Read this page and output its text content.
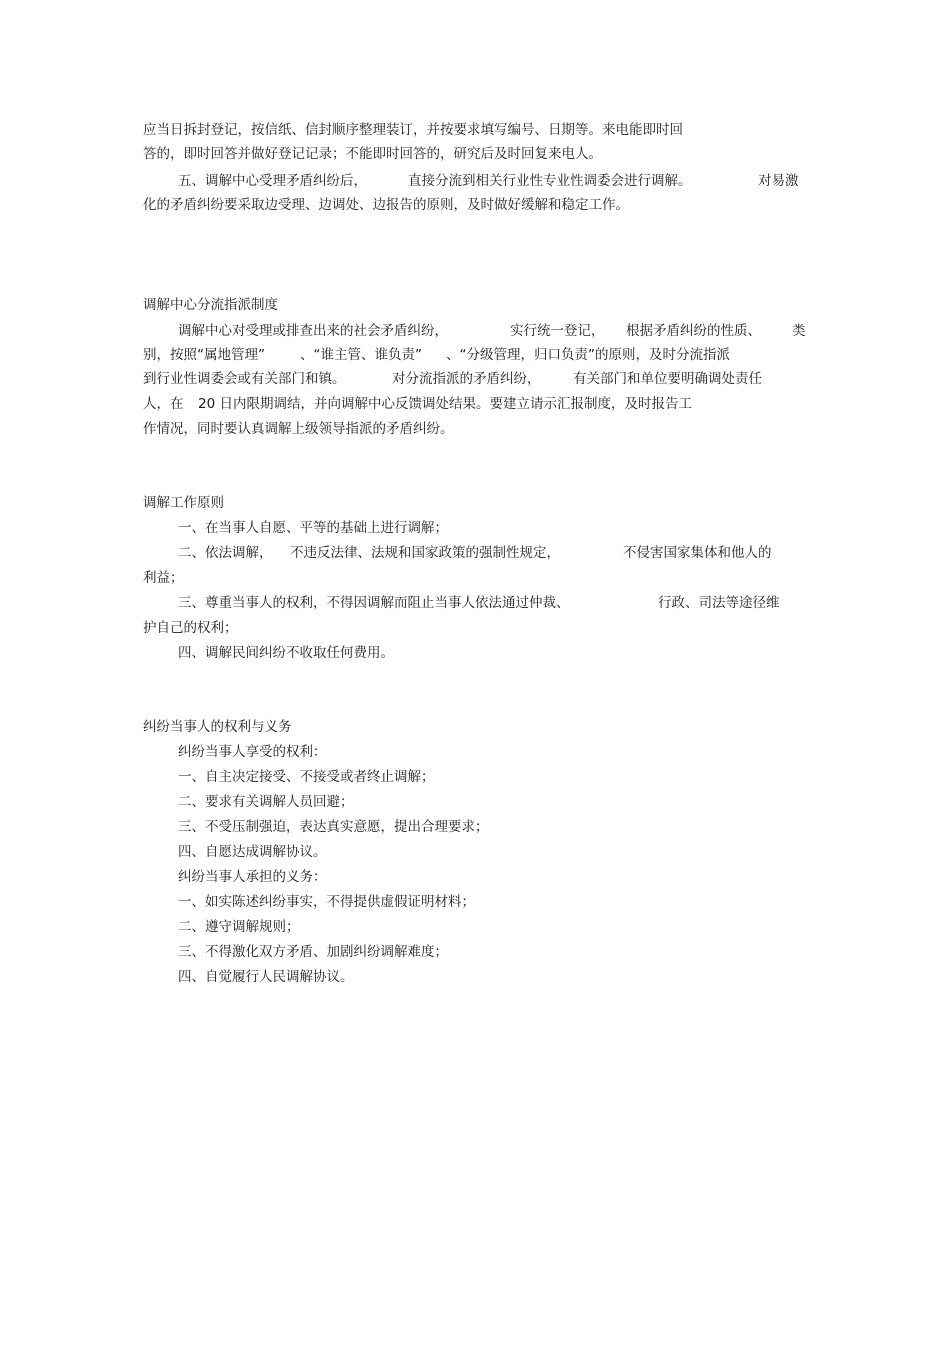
应当日拆封登记，按信纸、信封顺序整理装订，并按要求填写编号、日期等。来电能即时回
答的，即时回答并做好登记记录；不能即时回答的，研究后及时回复来电人。
五、调解中心受理矛盾纠纷后，	直接分流到相关行业性专业性调委会进行调解。	对易激
化的矛盾纠纷要采取边受理、边调处、边报告的原则，及时做好缓解和稳定工作。
调解中心分流指派制度
调解中心对受理或排查出来的社会矛盾纠纷，	实行统一登记， 根据矛盾纠纷的性质、 类
别，按照“属地管理”	、“谁主管、谁负责” 、“分级管理，归口负责”的原则，及时分流指派
到行业性调委会或有关部门和镇。	对分流指派的矛盾纠纷， 有关部门和单位要明确调处责任
人，在 20 日内限期调结，并向调解中心反馈调处结果。要建立请示汇报制度，及时报告工
作情况，同时要认真调解上级领导指派的矛盾纠纷。
调解工作原则
一、在当事人自愿、平等的基础上进行调解；
二、依法调解， 不违反法律、法规和国家政策的强制性规定，	不侵害国家集体和他人的
利益；
三、尊重当事人的权利，不得因调解而阻止当事人依法通过仲裁、	行政、司法等途径维
护自己的权利；
四、调解民间纠纷不收取任何费用。
纠纷当事人的权利与义务
纠纷当事人享受的权利：
一、自主决定接受、不接受或者终止调解；
二、要求有关调解人员回避；
三、不受压制强迫，表达真实意愿，提出合理要求；
四、自愿达成调解协议。
纠纷当事人承担的义务：
一、如实陈述纠纷事实，不得提供虚假证明材料；
二、遵守调解规则；
三、不得激化双方矛盾、加剧纠纷调解难度；
四、自觉履行人民调解协议。
